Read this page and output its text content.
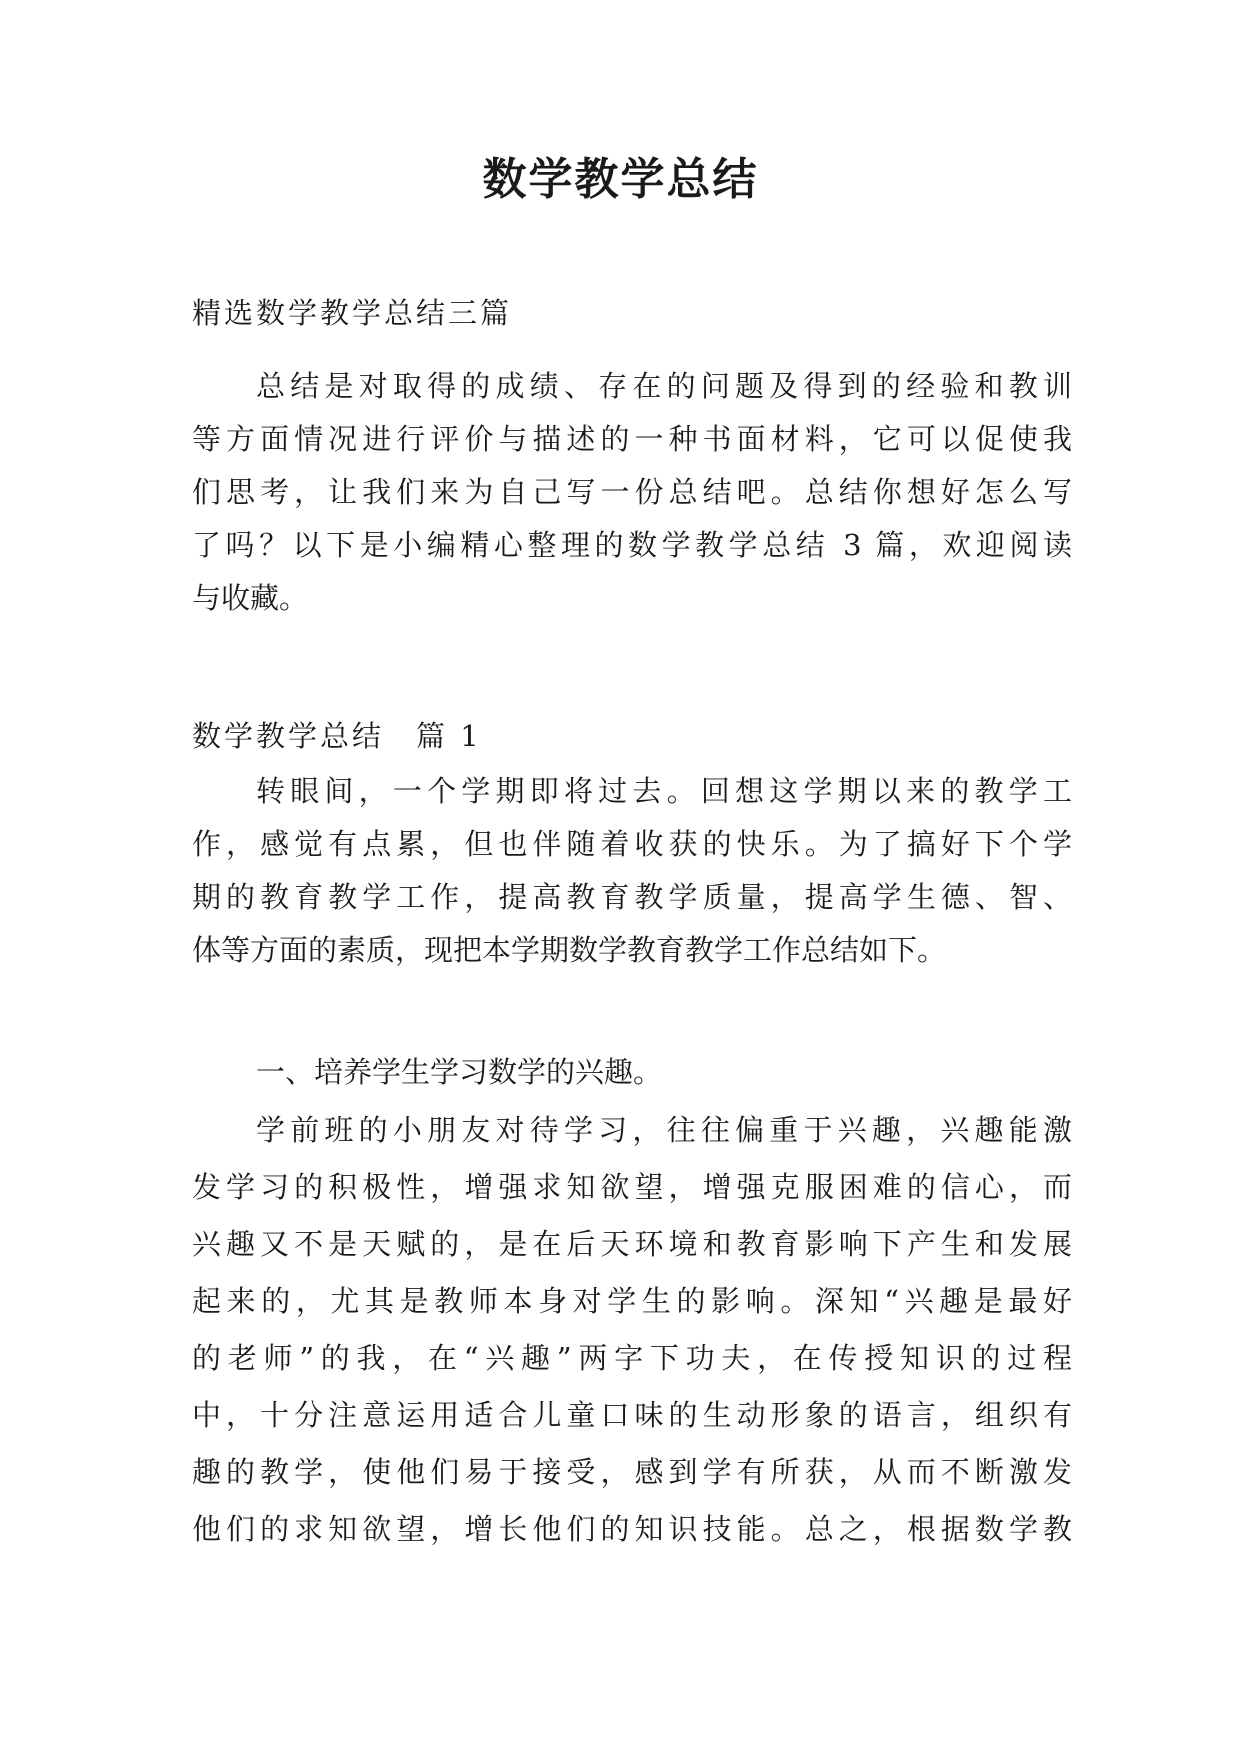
数学教学总结
精选数学教学总结三篇
总结是对取得的成绩、存在的问题及得到的经验和教训
等方面情况进行评价与描述的一种书面材料，它可以促使我
们思考，让我们来为自己写一份总结吧。总结你想好怎么写
了吗？以下是小编精心整理的数学教学总结 3 篇，欢迎阅读
与收藏。
数学教学总结　篇 1
转眼间，一个学期即将过去。回想这学期以来的教学工
作，感觉有点累，但也伴随着收获的快乐。为了搞好下个学
期的教育教学工作，提高教育教学质量，提高学生德、智、
体等方面的素质，现把本学期数学教育教学工作总结如下。
一、培养学生学习数学的兴趣。
学前班的小朋友对待学习，往往偏重于兴趣，兴趣能激
发学习的积极性，增强求知欲望，增强克服困难的信心，而
兴趣又不是天赋的，是在后天环境和教育影响下产生和发展
起来的，尤其是教师本身对学生的影响。深知“兴趣是最好
的老师”的我，在“兴趣”两字下功夫，在传授知识的过程
中，十分注意运用适合儿童口味的生动形象的语言，组织有
趣的教学，使他们易于接受，感到学有所获，从而不断激发
他们的求知欲望，增长他们的知识技能。总之，根据数学教
